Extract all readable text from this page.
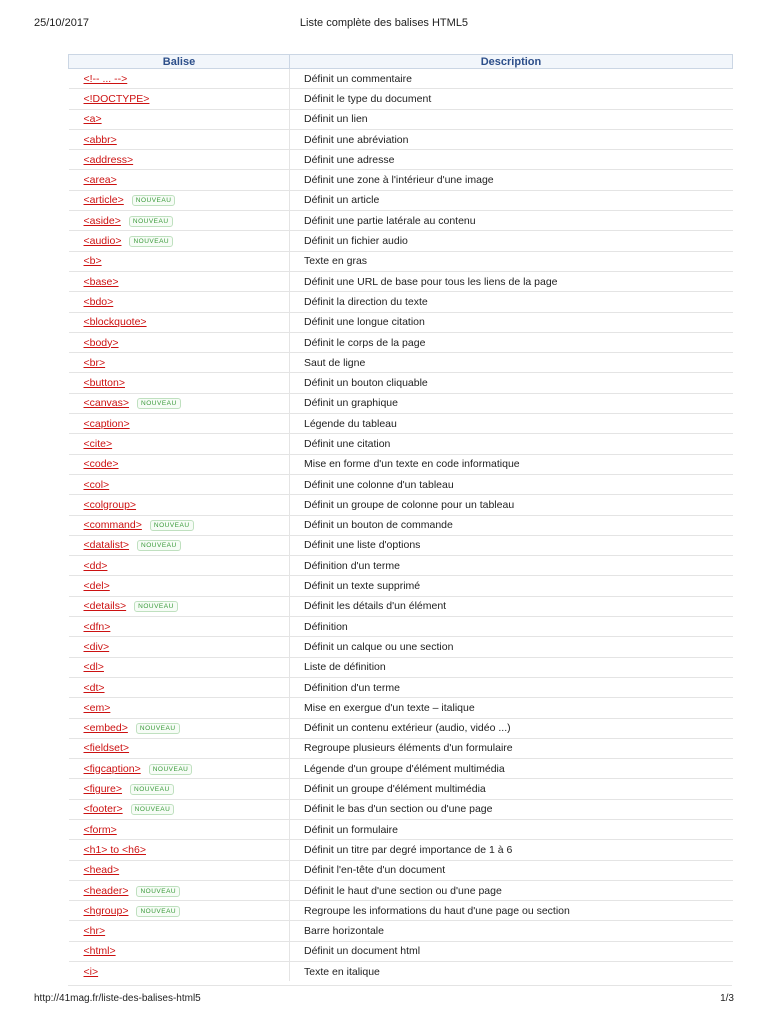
25/10/2017	Liste complète des balises HTML5
Balise	Description
<!-- ... -->	Définit un commentaire
<!DOCTYPE>	Définit le type du document
<a>	Définit un lien
<abbr>	Définit une abréviation
<address>	Définit une adresse
<area>	Définit une zone à l'intérieur d'une image
<article> NOUVEAU	Définit un article
<aside> NOUVEAU	Définit une partie latérale au contenu
<audio> NOUVEAU	Définit un fichier audio
<b>	Texte en gras
<base>	Définit une URL de base pour tous les liens de la page
<bdo>	Définit la direction du texte
<blockquote>	Définit une longue citation
<body>	Définit le corps de la page
<br>	Saut de ligne
<button>	Définit un bouton cliquable
<canvas> NOUVEAU	Définit un graphique
<caption>	Légende du tableau
<cite>	Définit une citation
<code>	Mise en forme d'un texte en code informatique
<col>	Définit une colonne d'un tableau
<colgroup>	Définit un groupe de colonne pour un tableau
<command> NOUVEAU	Définit un bouton de commande
<datalist> NOUVEAU	Définit une liste d'options
<dd>	Définition d'un terme
<del>	Définit un texte supprimé
<details> NOUVEAU	Définit les détails d'un élément
<dfn>	Définition
<div>	Définit un calque ou une section
<dl>	Liste de définition
<dt>	Définition d'un terme
<em>	Mise en exergue d'un texte – italique
<embed> NOUVEAU	Définit un contenu extérieur (audio, vidéo ...)
<fieldset>	Regroupe plusieurs éléments d'un formulaire
<figcaption> NOUVEAU	Légende d'un groupe d'élément multimédia
<figure> NOUVEAU	Définit un groupe d'élément multimédia
<footer> NOUVEAU	Définit le bas d'un section ou d'une page
<form>	Définit un formulaire
<h1> to <h6>	Définit un titre par degré importance de 1 à 6
<head>	Définit l'en-tête d'un document
<header> NOUVEAU	Définit le haut d'une section ou d'une page
<hgroup> NOUVEAU	Regroupe les informations du haut d'une page ou section
<hr>	Barre horizontale
<html>	Définit un document html
<i>	Texte en italique
http://41mag.fr/liste-des-balises-html5	1/3
